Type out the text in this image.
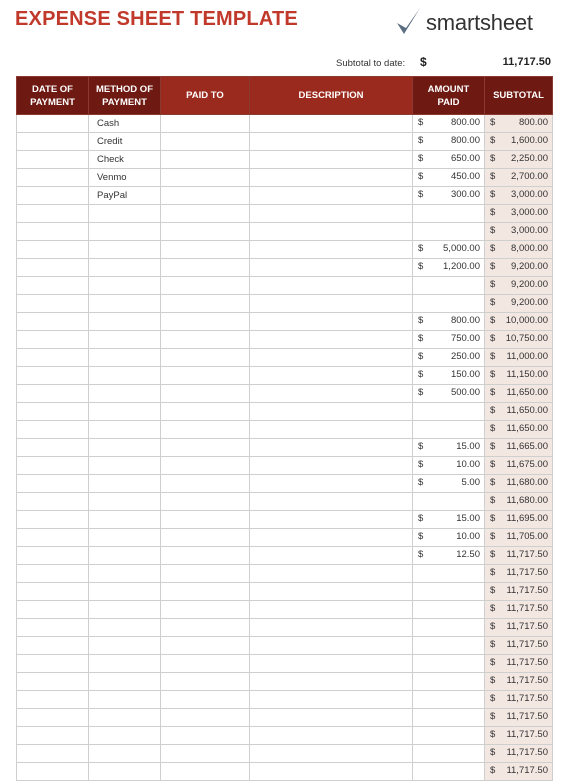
EXPENSE SHEET TEMPLATE	smartsheet
Subtotal to date: $	11,717.50
DATE OF
PAYMENT	METHOD OF
PAYMENT	PAID TO	DESCRIPTION	AMOUNT
PAID	SUBTOTAL
	Cash			$ 800.00	$ 800.00

	Credit			$ 800.00	$ 1,600.00

	Check			$ 650.00	$ 2,250.00

	Venmo			$ 450.00	$ 2,700.00

	PayPal			$ 300.00	$ 3,000.00

					$ 3,000.00

					$ 3,000.00

				$ 5,000.00	$ 8,000.00

				$ 1,200.00	$ 9,200.00

					$ 9,200.00

					$ 9,200.00

				$ 800.00	$ 10,000.00

				$ 750.00	$ 10,750.00

				$ 250.00	$ 11,000.00

				$ 150.00	$ 11,150.00

				$ 500.00	$ 11,650.00

					$ 11,650.00

					$ 11,650.00

				$ 15.00	$ 11,665.00

				$ 10.00	$ 11,675.00

				$ 5.00	$ 11,680.00

					$ 11,680.00

				$ 15.00	$ 11,695.00

				$ 10.00	$ 11,705.00

				$ 12.50	$ 11,717.50

					$ 11,717.50

					$ 11,717.50

					$ 11,717.50

					$ 11,717.50

					$ 11,717.50

					$ 11,717.50

					$ 11,717.50

					$ 11,717.50

					$ 11,717.50

					$ 11,717.50

					$ 11,717.50

					$ 11,717.50
